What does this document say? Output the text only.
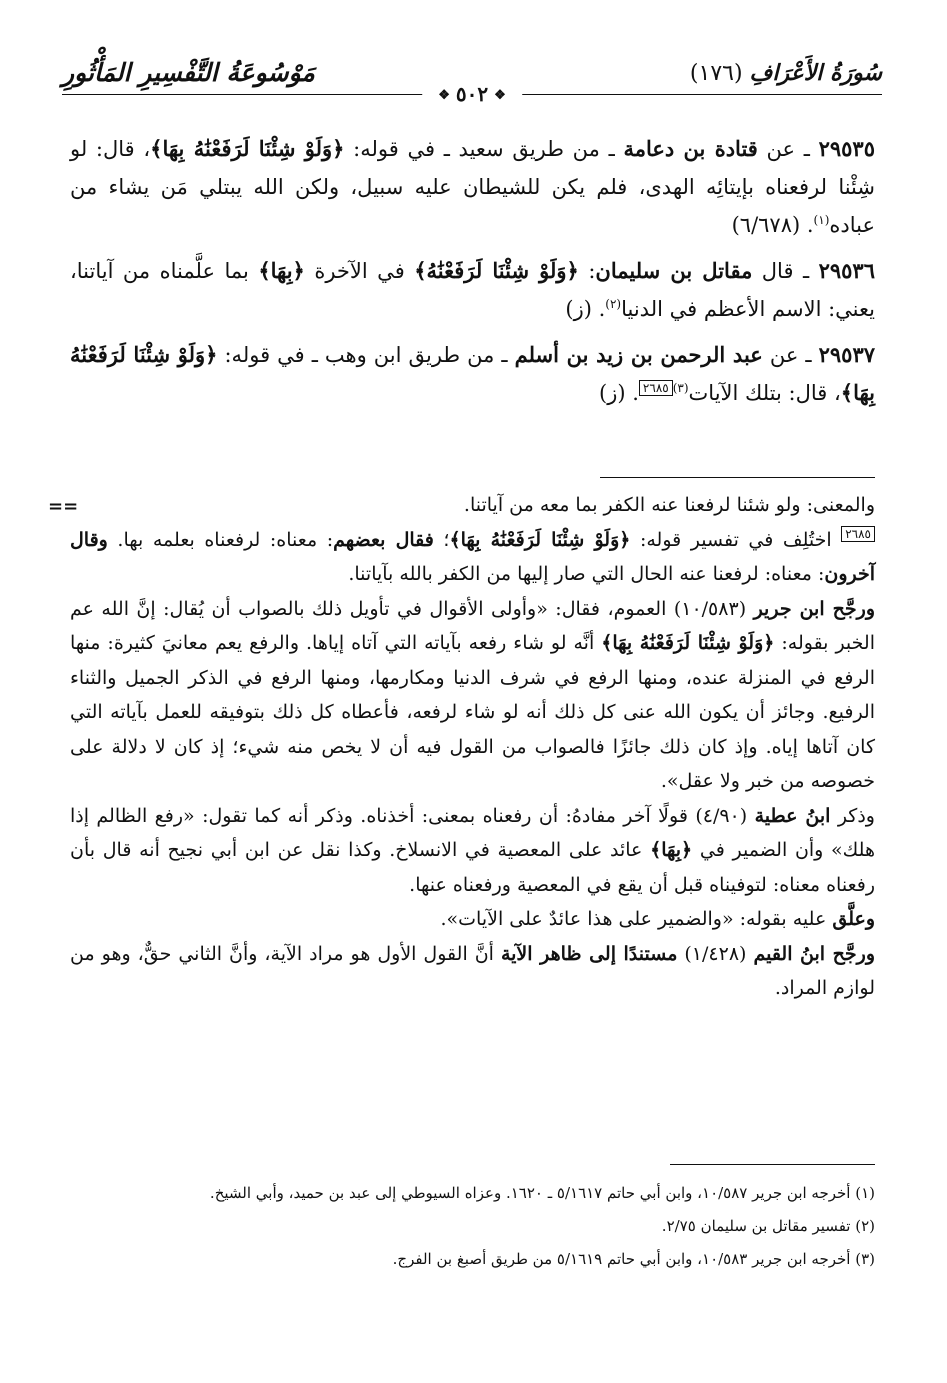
سُورَةُ الأَعْرَافِ (١٧٦)
مَوْسُوعَةُ التَّفْسِيرِ المَأْثُورِ
❖ ٥٠٢ ❖

٢٩٥٣٥ ـ عن قتادة بن دعامة ـ من طريق سعيد ـ في قوله: ﴿وَلَوْ شِئْنَا لَرَفَعْنَٰهُ بِهَا﴾، قال: لو شِئْنا لرفعناه بإيتائِه الهدى، فلم يكن للشيطان عليه سبيل، ولكن الله يبتلي مَن يشاء من عباده$^{(١)}$. (٦/٦٧٨)

٢٩٥٣٦ ـ قال مقاتل بن سليمان: ﴿وَلَوْ شِئْنَا لَرَفَعْنَٰهُ﴾ في الآخرة ﴿بِهَا﴾ بما علَّمناه من آياتنا، يعني: الاسم الأعظم في الدنيا$^{(٢)}$. (ز)

٢٩٥٣٧ ـ عن عبد الرحمن بن زيد بن أسلم ـ من طريق ابن وهب ـ في قوله: ﴿وَلَوْ شِئْنَا لَرَفَعْنَٰهُ بِهَا﴾، قال: بتلك الآيات$^{(٣)}$٢٦٨٥. (ز)

==	والمعنى: ولو شئنا لرفعنا عنه الكفر بما معه من آياتنا.

٢٦٨٥ اختُلِف في تفسير قوله: ﴿وَلَوْ شِئْنَا لَرَفَعْنَٰهُ بِهَا﴾؛ فقال بعضهم: معناه: لرفعناه بعلمه بها. وقال آخرون: معناه: لرفعنا عنه الحال التي صار إليها من الكفر بالله بآياتنا.

ورجَّح ابن جرير (١٠/٥٨٣) العموم، فقال: «وأولى الأقوال في تأويل ذلك بالصواب أن يُقال: إنَّ الله عم الخبر بقوله: ﴿وَلَوْ شِئْنَا لَرَفَعْنَٰهُ بِهَا﴾ أنَّه لو شاء رفعه بآياته التي آتاه إياها. والرفع يعم معانيَ كثيرة: منها الرفع في المنزلة عنده، ومنها الرفع في شرف الدنيا ومكارمها، ومنها الرفع في الذكر الجميل والثناء الرفيع. وجائز أن يكون الله عنى كل ذلك أنه لو شاء لرفعه، فأعطاه كل ذلك بتوفيقه للعمل بآياته التي كان آتاها إياه. وإذ كان ذلك جائزًا فالصواب من القول فيه أن لا يخص منه شيء؛ إذ كان لا دلالة على خصوصه من خبر ولا عقل».

وذكر ابنُ عطية (٤/٩٠) قولًا آخر مفادهُ: أن رفعناه بمعنى: أخذناه. وذكر أنه كما تقول: «رفع الظالم إذا هلك» وأن الضمير في ﴿بِهَا﴾ عائد على المعصية في الانسلاخ. وكذا نقل عن ابن أبي نجيح أنه قال بأن رفعناه معناه: لتوفيناه قبل أن يقع في المعصية ورفعناه عنها.

وعلَّق عليه بقوله: «والضمير على هذا عائدٌ على الآيات».

ورجَّح ابنُ القيم (١/٤٢٨) مستندًا إلى ظاهر الآية أنَّ القول الأول هو مراد الآية، وأنَّ الثاني حقٌّ، وهو من لوازم المراد.

(١) أخرجه ابن جرير ١٠/٥٨٧، وابن أبي حاتم ٥/١٦١٧ ـ ١٦٢٠. وعزاه السيوطي إلى عبد بن حميد، وأبي الشيخ.

(٢) تفسير مقاتل بن سليمان ٢/٧٥.

(٣) أخرجه ابن جرير ١٠/٥٨٣، وابن أبي حاتم ٥/١٦١٩ من طريق أصبغ بن الفرج.
